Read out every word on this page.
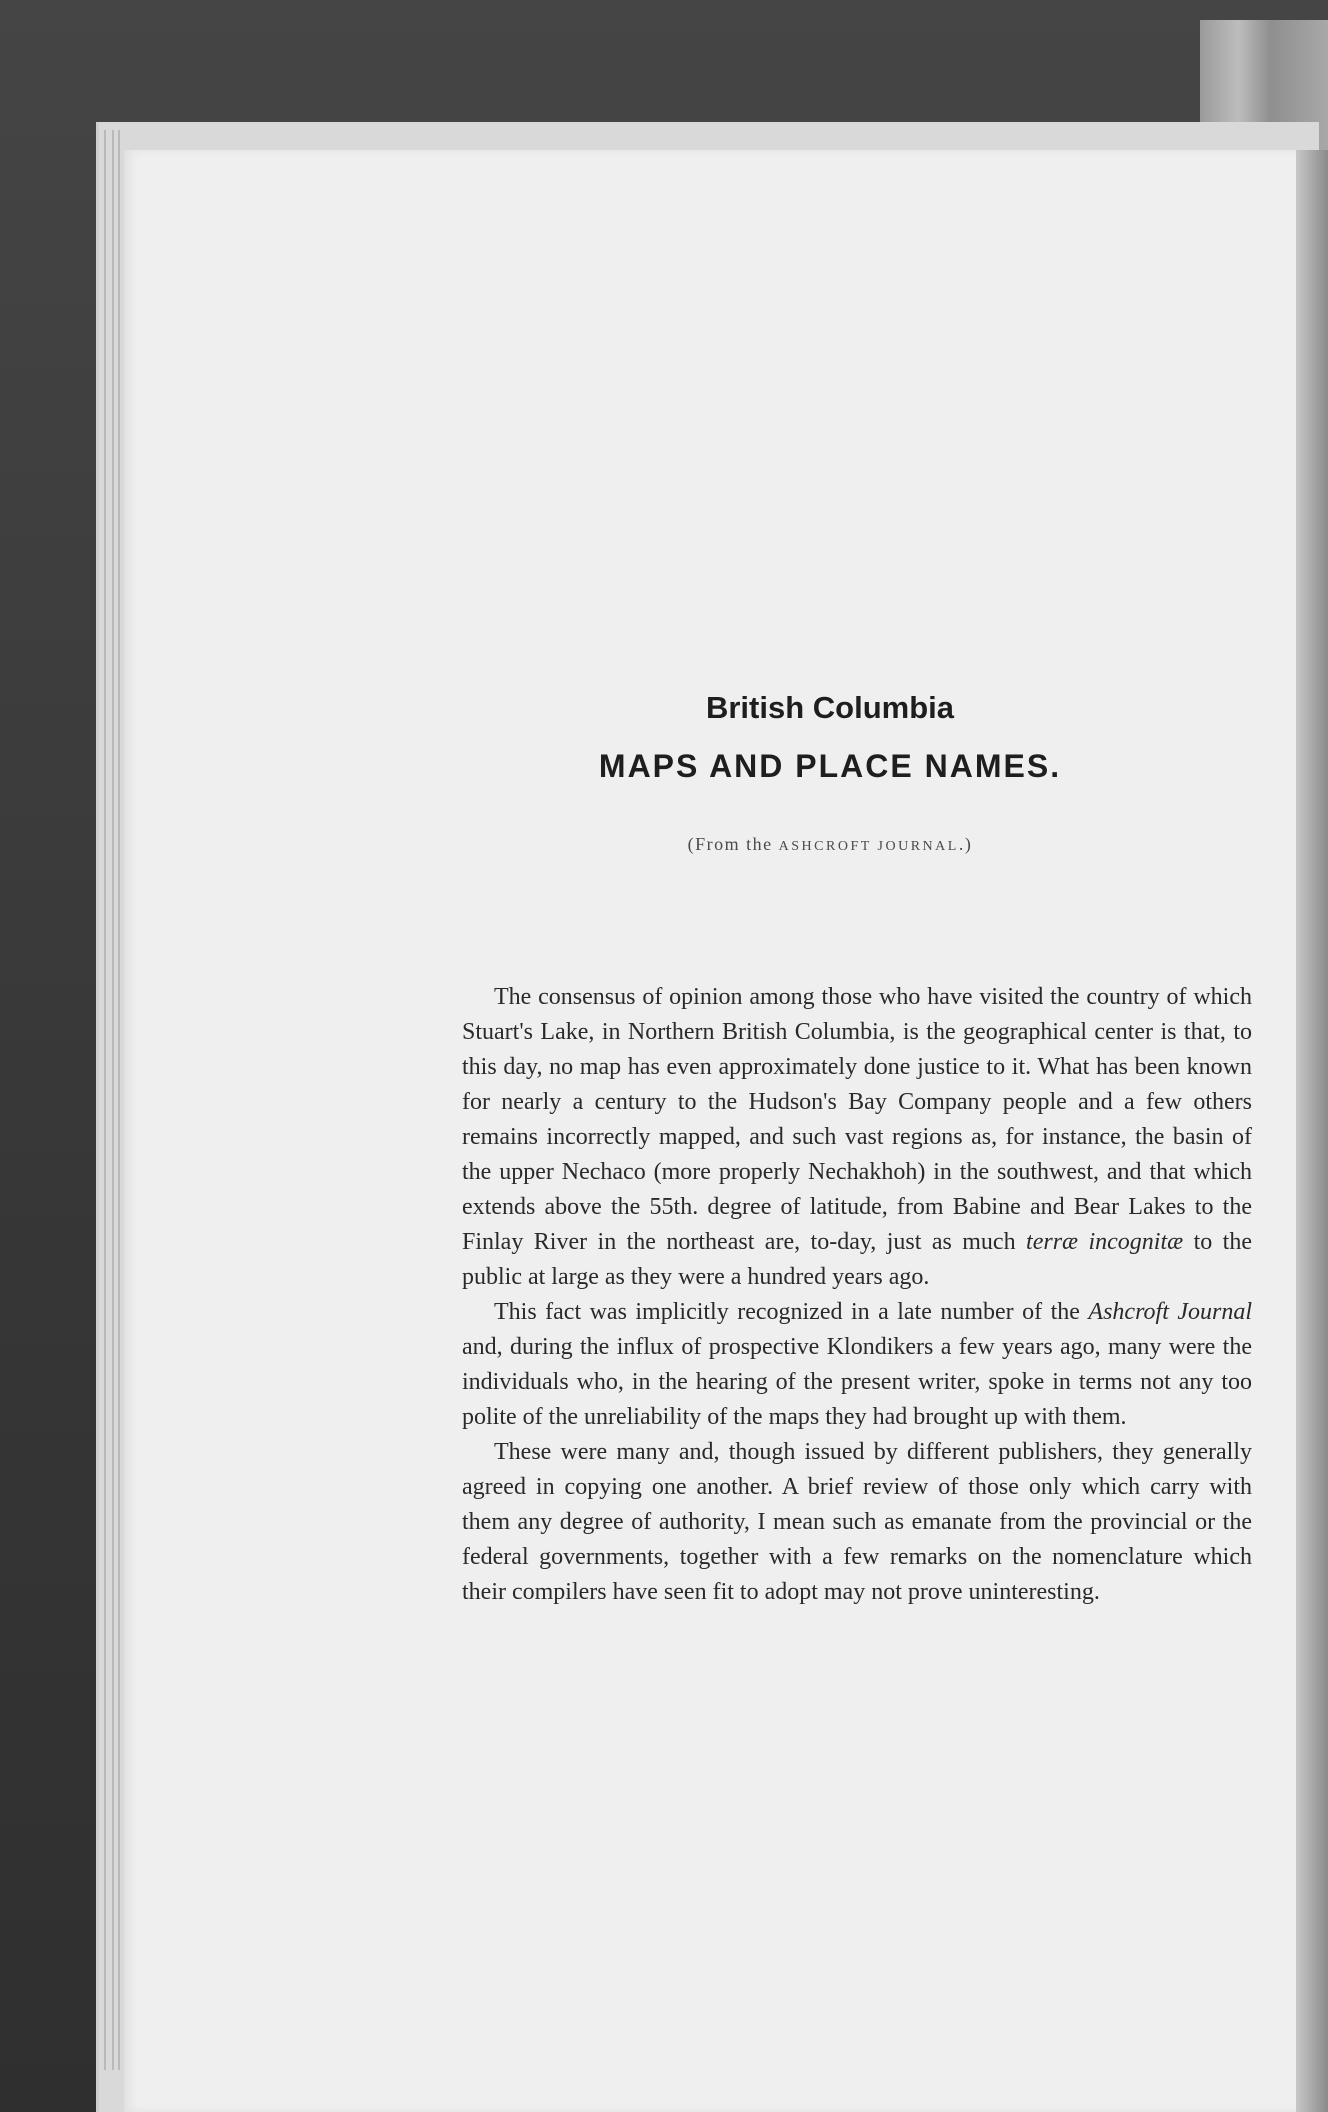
British Columbia
MAPS AND PLACE NAMES.
(From the ASHCROFT JOURNAL.)

The consensus of opinion among those who have visited the country of which Stuart's Lake, in Northern British Columbia, is the geographical center is that, to this day, no map has even approximately done justice to it. What has been known for nearly a century to the Hudson's Bay Company people and a few others remains incorrectly mapped, and such vast regions as, for instance, the basin of the upper Nechaco (more properly Nechakhoh) in the southwest, and that which extends above the 55th. degree of latitude, from Babine and Bear Lakes to the Finlay River in the northeast are, to-day, just as much terræ incognitæ to the public at large as they were a hundred years ago.

This fact was implicitly recognized in a late number of the Ashcroft Journal and, during the influx of prospective Klondikers a few years ago, many were the individuals who, in the hearing of the present writer, spoke in terms not any too polite of the unreliability of the maps they had brought up with them.

These were many and, though issued by different publishers, they generally agreed in copying one another. A brief review of those only which carry with them any degree of authority, I mean such as emanate from the provincial or the federal governments, together with a few remarks on the nomenclature which their compilers have seen fit to adopt may not prove uninteresting.
